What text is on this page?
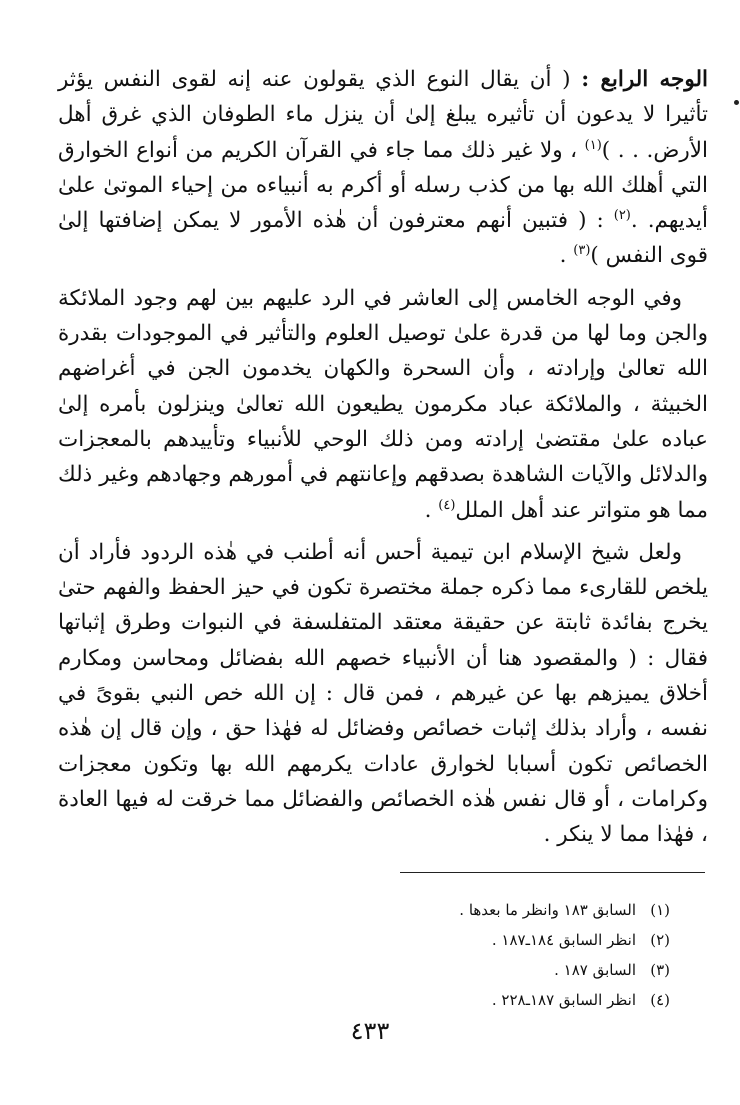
الوجه الرابع : ( أن يقال النوع الذي يقولون عنه إنه لقوى النفس يؤثر تأثيرا لا يدعون أن تأثيره يبلغ إلىٰ أن ينزل ماء الطوفان الذي غرق أهل الأرض. . . )$^{(١)}$ ، ولا غير ذلك مما جاء في القرآن الكريم من أنواع الخوارق التي أهلك الله بها من كذب رسله أو أكرم به أنبياءه من إحياء الموتىٰ علىٰ أيديهم. .$^{(٢)}$ : ( فتبين أنهم معترفون أن هٰذه الأمور لا يمكن إضافتها إلىٰ قوى النفس )$^{(٣)}$ .

وفي الوجه الخامس إلى العاشر في الرد عليهم بين لهم وجود الملائكة والجن وما لها من قدرة علىٰ توصيل العلوم والتأثير في الموجودات بقدرة الله تعالىٰ وإرادته ، وأن السحرة والكهان يخدمون الجن في أغراضهم الخبيثة ، والملائكة عباد مكرمون يطيعون الله تعالىٰ وينزلون بأمره إلىٰ عباده علىٰ مقتضىٰ إرادته ومن ذلك الوحي للأنبياء وتأييدهم بالمعجزات والدلائل والآيات الشاهدة بصدقهم وإعانتهم في أمورهم وجهادهم وغير ذلك مما هو متواتر عند أهل الملل$^{(٤)}$ .

ولعل شيخ الإسلام ابن تيمية أحس أنه أطنب في هٰذه الردود فأراد أن يلخص للقارىء مما ذكره جملة مختصرة تكون في حيز الحفظ والفهم حتىٰ يخرج بفائدة ثابتة عن حقيقة معتقد المتفلسفة في النبوات وطرق إثباتها فقال : ( والمقصود هنا أن الأنبياء خصهم الله بفضائل ومحاسن ومكارم أخلاق يميزهم بها عن غيرهم ، فمن قال : إن الله خص النبي بقوىً في نفسه ، وأراد بذلك إثبات خصائص وفضائل له فهٰذا حق ، وإن قال إن هٰذه الخصائص تكون أسبابا لخوارق عادات يكرمهم الله بها وتكون معجزات وكرامات ، أو قال نفس هٰذه الخصائص والفضائل مما خرقت له فيها العادة ، فهٰذا مما لا ينكر .

(١)
السابق ١٨٣ وانظر ما بعدها .
(٢)
انظر السابق ١٨٤ـ١٨٧ .
(٣)
السابق ١٨٧ .
(٤)
انظر السابق ١٨٧ـ٢٢٨ .
٤٣٣
